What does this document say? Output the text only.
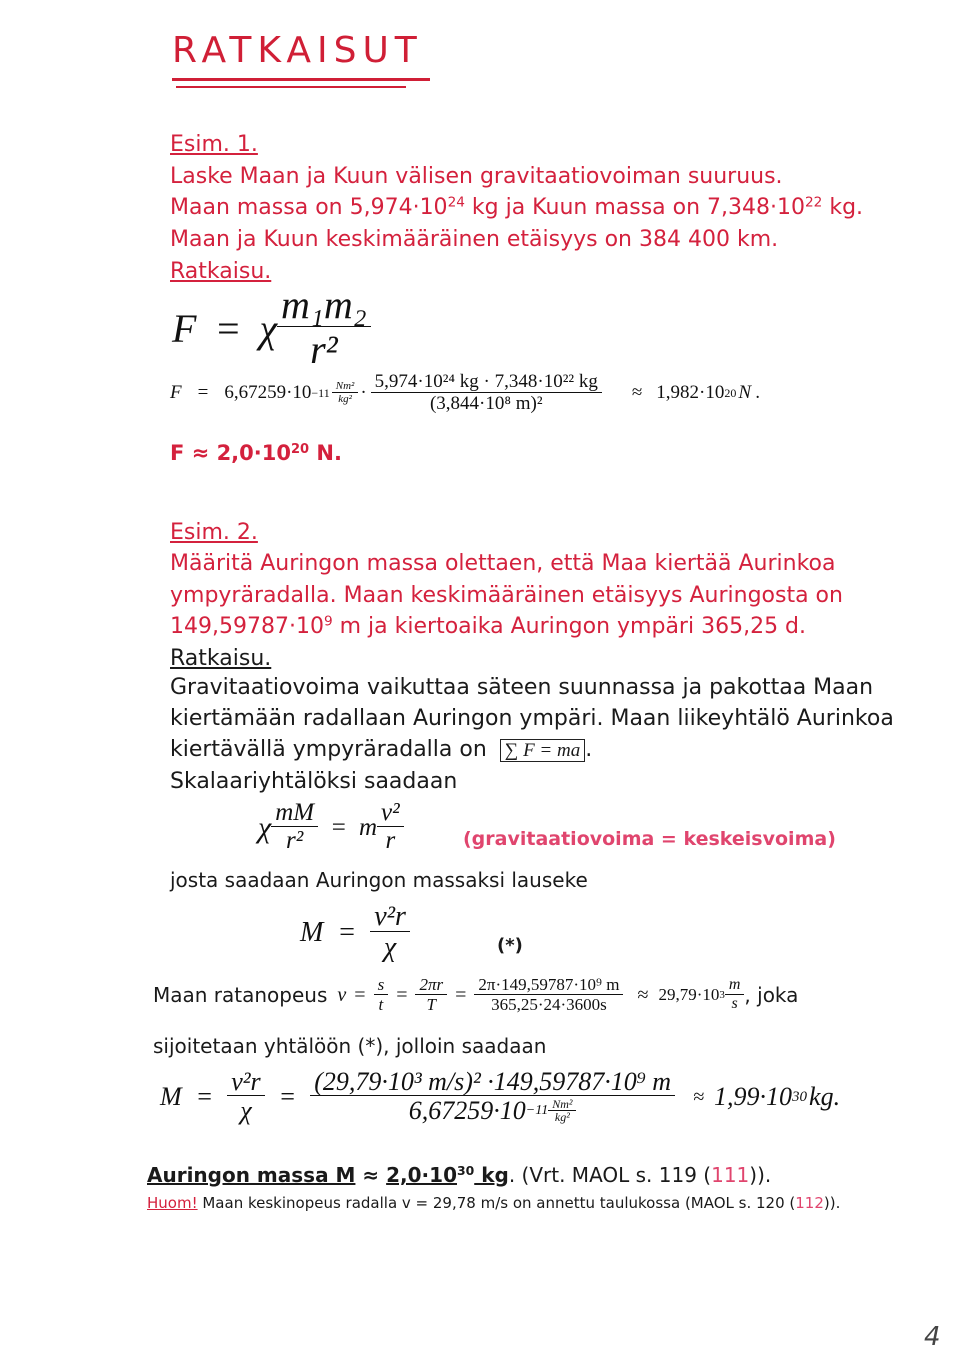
RATKAISUT
Esim. 1.
Laske Maan ja Kuun välisen gravitaatiovoiman suuruus.
Maan massa on $5,974\cdot 10^{24}$ kg ja Kuun massa on $7,348\cdot 10^{22}$ kg.
Maan ja Kuun keskimääräinen etäisyys on 384 400 km.
Ratkaisu.
F = χ $\frac{\text{m₁m₂}}{\text{r²}}$
$F = 6,67259\cdot 10 -11 \frac{\text{Nm²}}{\text{kg²}} \cdot \frac{\text{5,974·10²⁴ kg · 7,348·10²² kg}}{\text{(3,844·10⁸ m)²}} \approx 1,982\cdot 10$ 20 N .
$F \approx 2,0\cdot 10^{20}$ N.
Esim. 2.
Määritä Auringon massa olettaen, että Maa kiertää Aurinkoa
ympyräradalla. Maan keskimääräinen etäisyys Auringosta on
$149,59787\cdot 10^9$ m ja kiertoaika Auringon ympäri 365,25 d.
Ratkaisu.
Gravitaatiovoima vaikuttaa säteen suunnassa ja pakottaa Maan
kiertämään radallaan Auringon ympäri. Maan liikeyhtälö Aurinkoa
kiertävällä ympyräradalla on ∑ F = ma .
Skalaariyhtälöksi saadaan
χ $\frac{mM}{\text{r²}} = m \frac{\text{v²}}{r}$	(gravitaatiovoima = keskeisvoima)
josta saadaan Auringon massaksi lauseke
$M = \frac{\text{v²r}}{\chi}$	(*)
Maan ratanopeus $v = \frac{s}{t} = \frac{2\pi r}{T} = \frac{\text{2π·149,59787·10⁹ m}}{365,25\cdot 24\cdot 3600s} \approx 29,79\cdot 10$ $3 \frac{m}{s}$ , joka
sijoitetaan yhtälöön (*), jolloin saadaan
$M = \frac{\text{v²r}}{\chi} = \frac{\text{(29,79·10³ m/s)² ·149,59787·10⁹ m}}{6,67259\cdot 10 -11 \frac{\text{Nm²}}{\text{kg²}}} \approx 1,99\cdot 10$ 30 kg .
Auringon massa $M \approx 2,0\cdot 10^{30}$ kg. (Vrt. MAOL s. 119 (111)).
Huom! Maan keskinopeus radalla v = 29,78 m/s on annettu taulukossa (MAOL s. 120 (112)).
4
